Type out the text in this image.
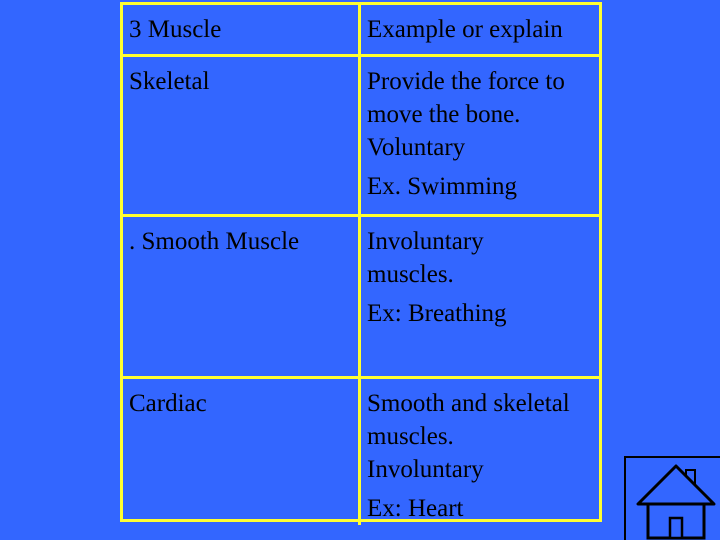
3 Muscle	Example or explain
Skeletal	Provide the force to
move the bone.
Voluntary
Ex. Swimming
. Smooth Muscle	Involuntary
muscles.
Ex: Breathing
Cardiac	Smooth and skeletal
muscles.
Involuntary
Ex: Heart
